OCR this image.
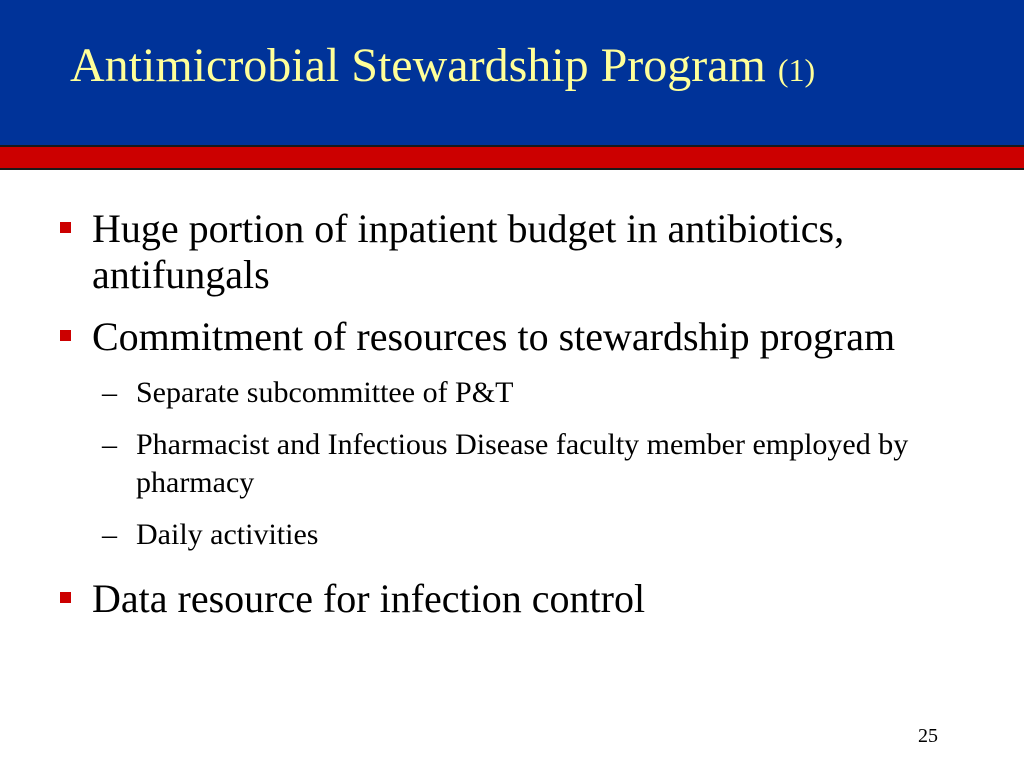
Antimicrobial Stewardship Program (1)
Huge portion of inpatient budget in antibiotics, antifungals
Commitment of resources to stewardship program
– Separate subcommittee of P&T
– Pharmacist and Infectious Disease faculty member employed by pharmacy
– Daily activities
Data resource for infection control
25
